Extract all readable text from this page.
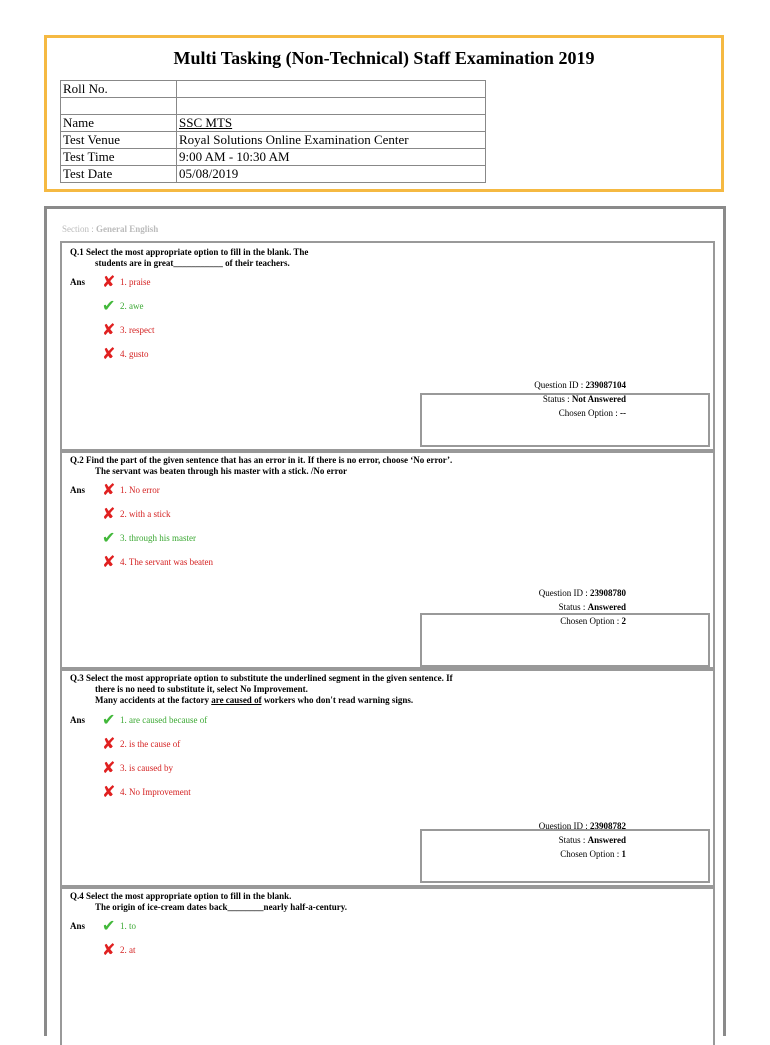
Multi Tasking (Non-Technical) Staff Examination 2019
Roll No.	

Name	SSC MTS
Test Venue	Royal Solutions Online Examination Center
Test Time	9:00 AM - 10:30 AM
Test Date	05/08/2019
Section : General English
Q.1 Select the most appropriate option to fill in the blank. The
students are in great___________ of their teachers.
Ans ✘ 1. praise
✔ 2. awe
✘ 3. respect
✘ 4. gusto
Question ID : 239087104
Status : Not Answered
Chosen Option : --
Q.2 Find the part of the given sentence that has an error in it. If there is no error, choose ‘No error’.
The servant was beaten through his master with a stick. /No error
Ans ✘ 1. No error
✘ 2. with a stick
✔ 3. through his master
✘ 4. The servant was beaten
Question ID : 23908780
Status : Answered
Chosen Option : 2
Q.3 Select the most appropriate option to substitute the underlined segment in the given sentence. If
there is no need to substitute it, select No Improvement.
Many accidents at the factory are caused of workers who don't read warning signs.
Ans ✔ 1. are caused because of
✘ 2. is the cause of
✘ 3. is caused by
✘ 4. No Improvement
Question ID : 23908782
Status : Answered
Chosen Option : 1
Q.4 Select the most appropriate option to fill in the blank.
The origin of ice-cream dates back________nearly half-a-century.
Ans ✔ 1. to
✘ 2. at
